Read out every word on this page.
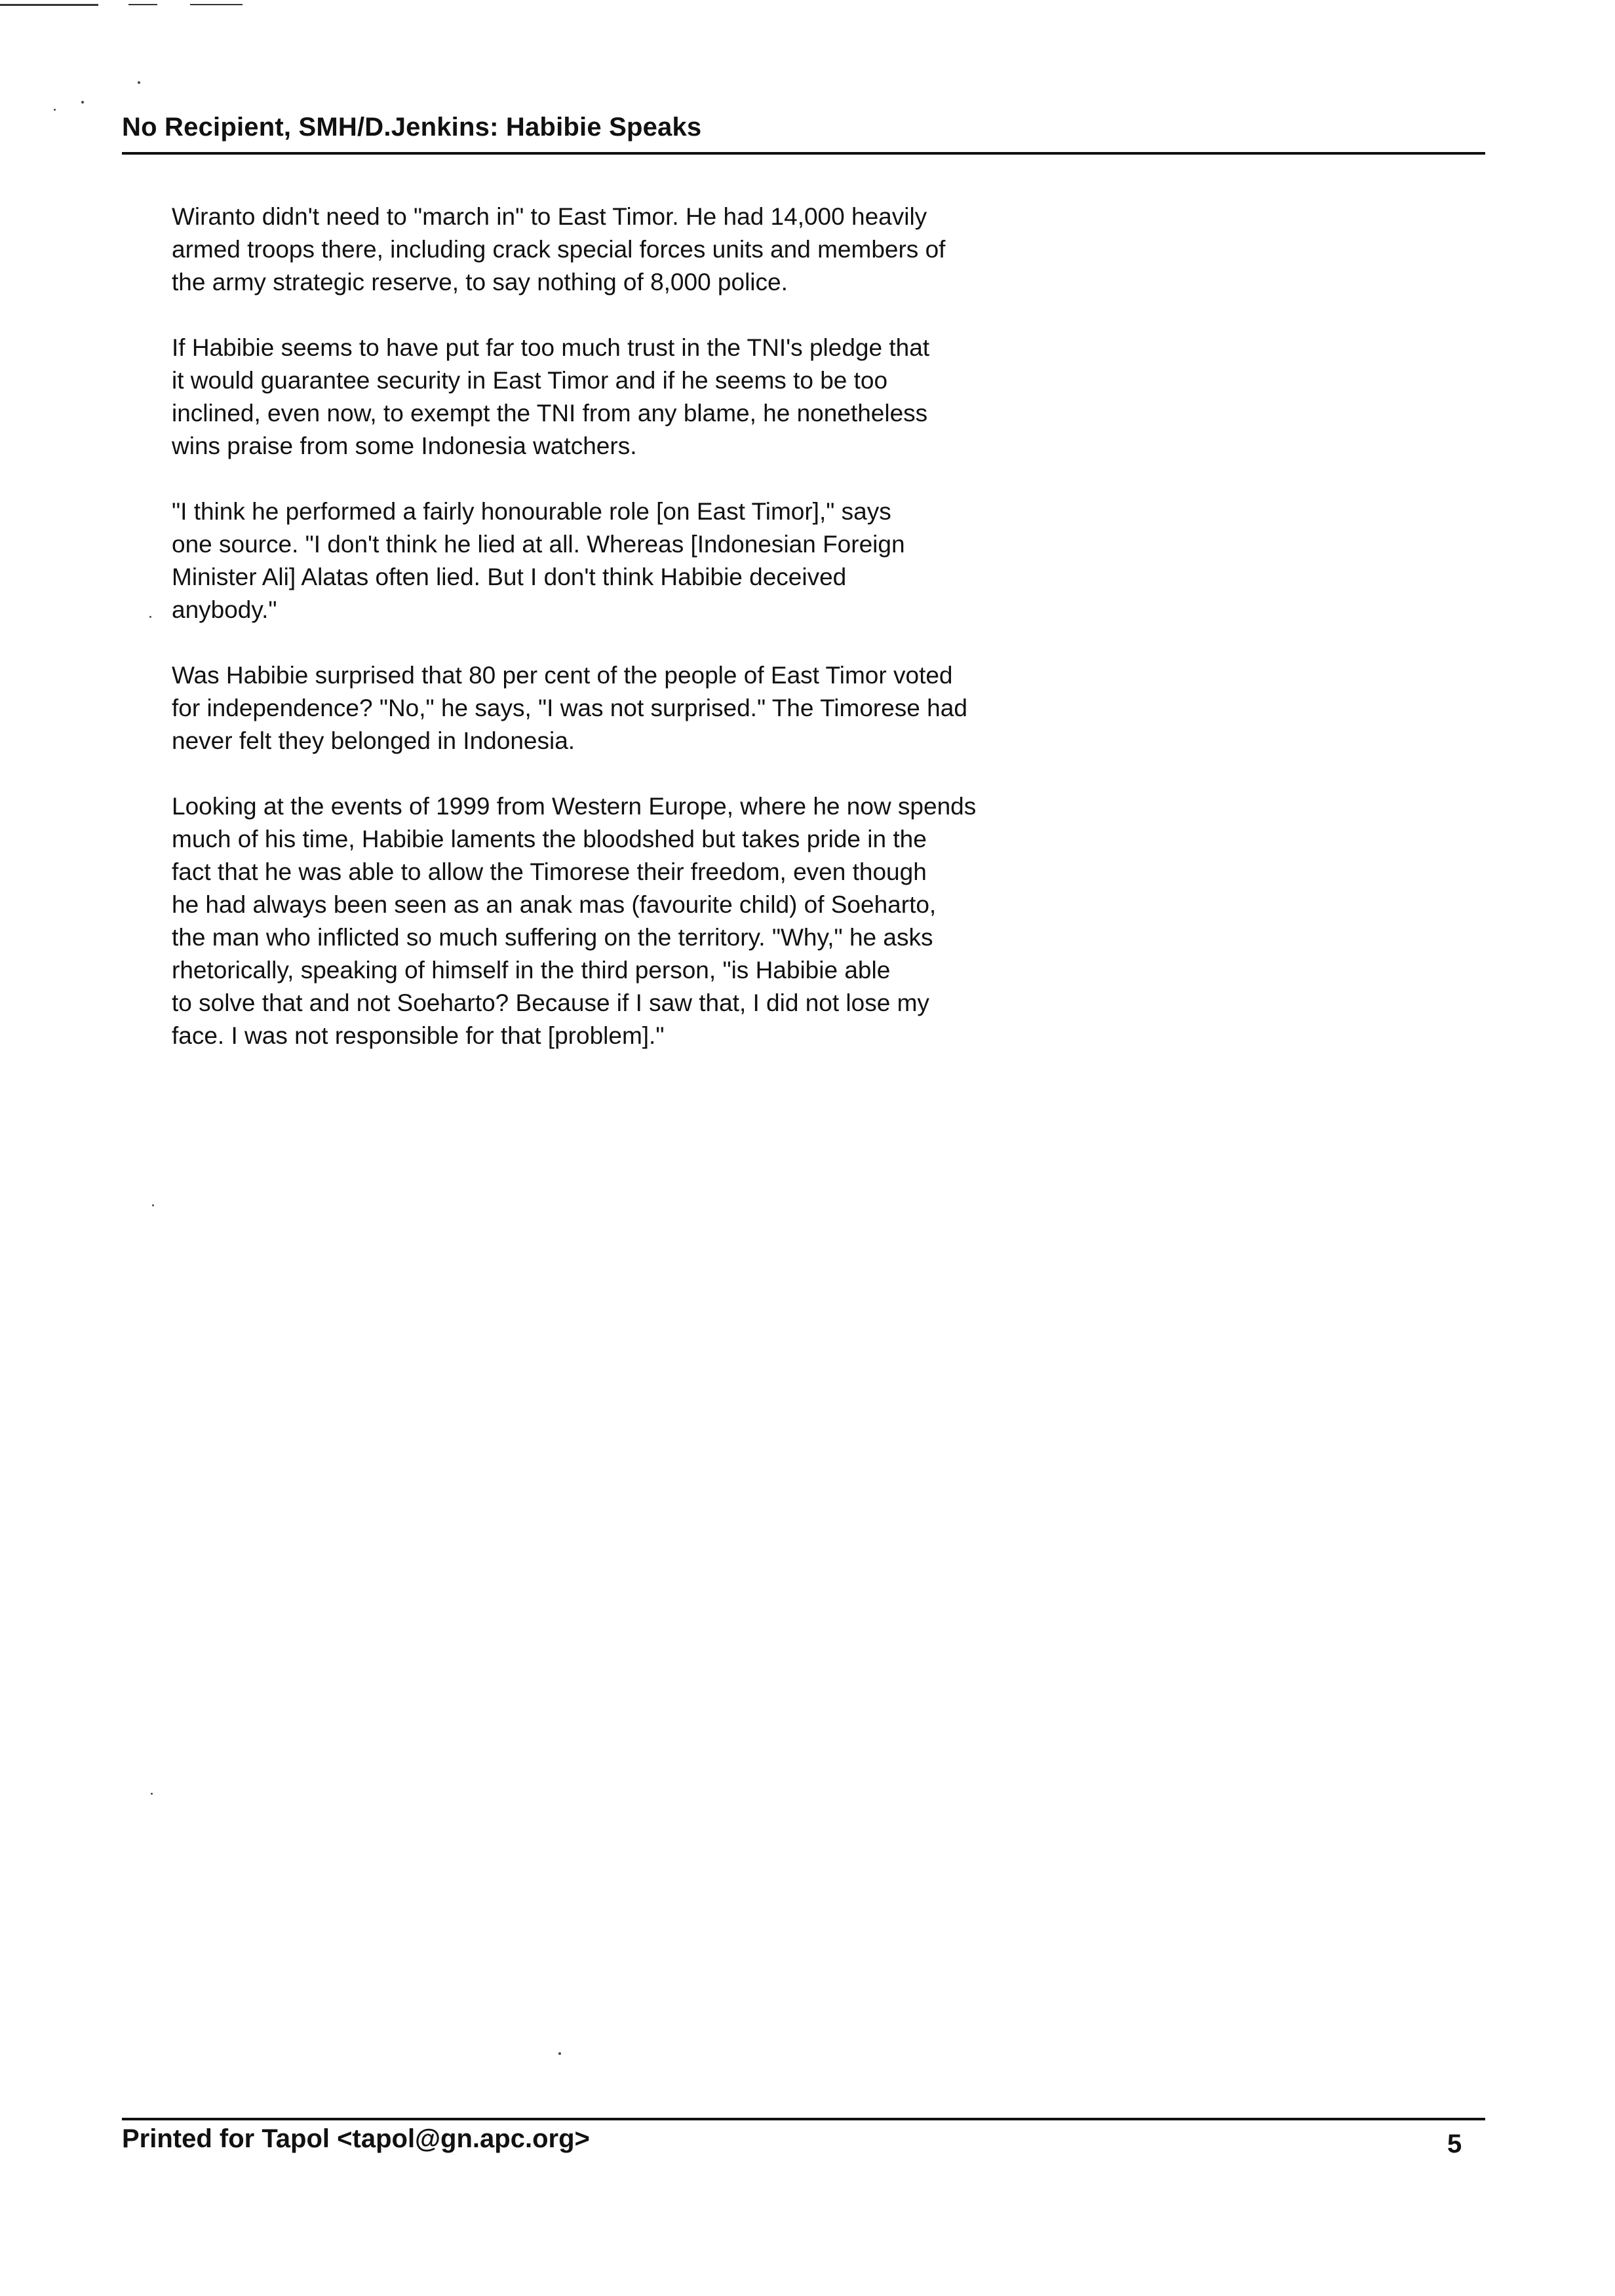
No Recipient, SMH/D.Jenkins: Habibie Speaks
Wiranto didn't need to "march in" to East Timor. He had 14,000 heavily
armed troops there, including crack special forces units and members of
the army strategic reserve, to say nothing of 8,000 police.
If Habibie seems to have put far too much trust in the TNI's pledge that
it would guarantee security in East Timor and if he seems to be too
inclined, even now, to exempt the TNI from any blame, he nonetheless
wins praise from some Indonesia watchers.
"I think he performed a fairly honourable role [on East Timor]," says
one source. "I don't think he lied at all. Whereas [Indonesian Foreign
Minister Ali] Alatas often lied. But I don't think Habibie deceived
anybody."
Was Habibie surprised that 80 per cent of the people of East Timor voted
for independence? "No," he says, "I was not surprised." The Timorese had
never felt they belonged in Indonesia.
Looking at the events of 1999 from Western Europe, where he now spends
much of his time, Habibie laments the bloodshed but takes pride in the
fact that he was able to allow the Timorese their freedom, even though
he had always been seen as an anak mas (favourite child) of Soeharto,
the man who inflicted so much suffering on the territory. "Why," he asks
rhetorically, speaking of himself in the third person, "is Habibie able
to solve that and not Soeharto? Because if I saw that, I did not lose my
face. I was not responsible for that [problem]."
Printed for Tapol <tapol@gn.apc.org>	5
